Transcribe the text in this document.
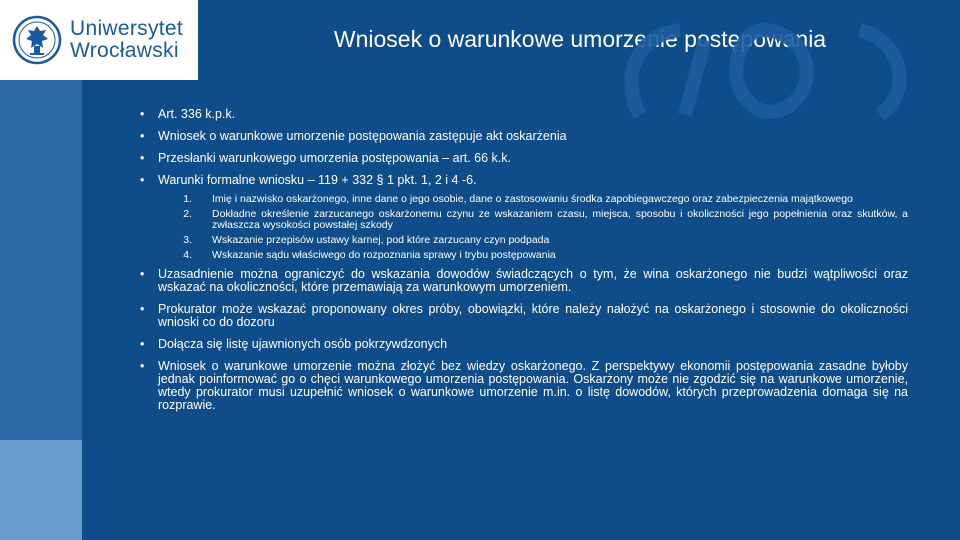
Uniwersytet
Wrocławski	Wniosek o warunkowe umorzenie postępowania
• Art. 336 k.p.k.
• Wniosek o warunkowe umorzenie postępowania zastępuje akt oskarżenia
• Przesłanki warunkowego umorzenia postępowania – art. 66 k.k.
• Warunki formalne wniosku – 119 + 332 § 1 pkt. 1, 2 i 4 -6.
1. Imię i nazwisko oskarżonego, inne dane o jego osobie, dane o zastosowaniu środka zapobiegawczego oraz zabezpieczenia majątkowego
2. Dokładne określenie zarzucanego oskarżonemu czynu ze wskazaniem czasu, miejsca, sposobu i okoliczności jego popełnienia oraz skutków, a zwłaszcza wysokości powstałej szkody
3. Wskazanie przepisów ustawy karnej, pod które zarzucany czyn podpada
4. Wskazanie sądu właściwego do rozpoznania sprawy i trybu postępowania
• Uzasadnienie można ograniczyć do wskazania dowodów świadczących o tym, że wina oskarżonego nie budzi wątpliwości oraz wskazać na okoliczności, które przemawiają za warunkowym umorzeniem.
• Prokurator może wskazać proponowany okres próby, obowiązki, które należy nałożyć na oskarżonego i stosownie do okoliczności wnioski co do dozoru
• Dołącza się listę ujawnionych osób pokrzywdzonych
• Wniosek o warunkowe umorzenie można złożyć bez wiedzy oskarżonego. Z perspektywy ekonomii postępowania zasadne byłoby jednak poinformować go o chęci warunkowego umorzenia postępowania. Oskarżony może nie zgodzić się na warunkowe umorzenie, wtedy prokurator musi uzupełnić wniosek o warunkowe umorzenie m.in. o listę dowodów, których przeprowadzenia domaga się na rozprawie.
